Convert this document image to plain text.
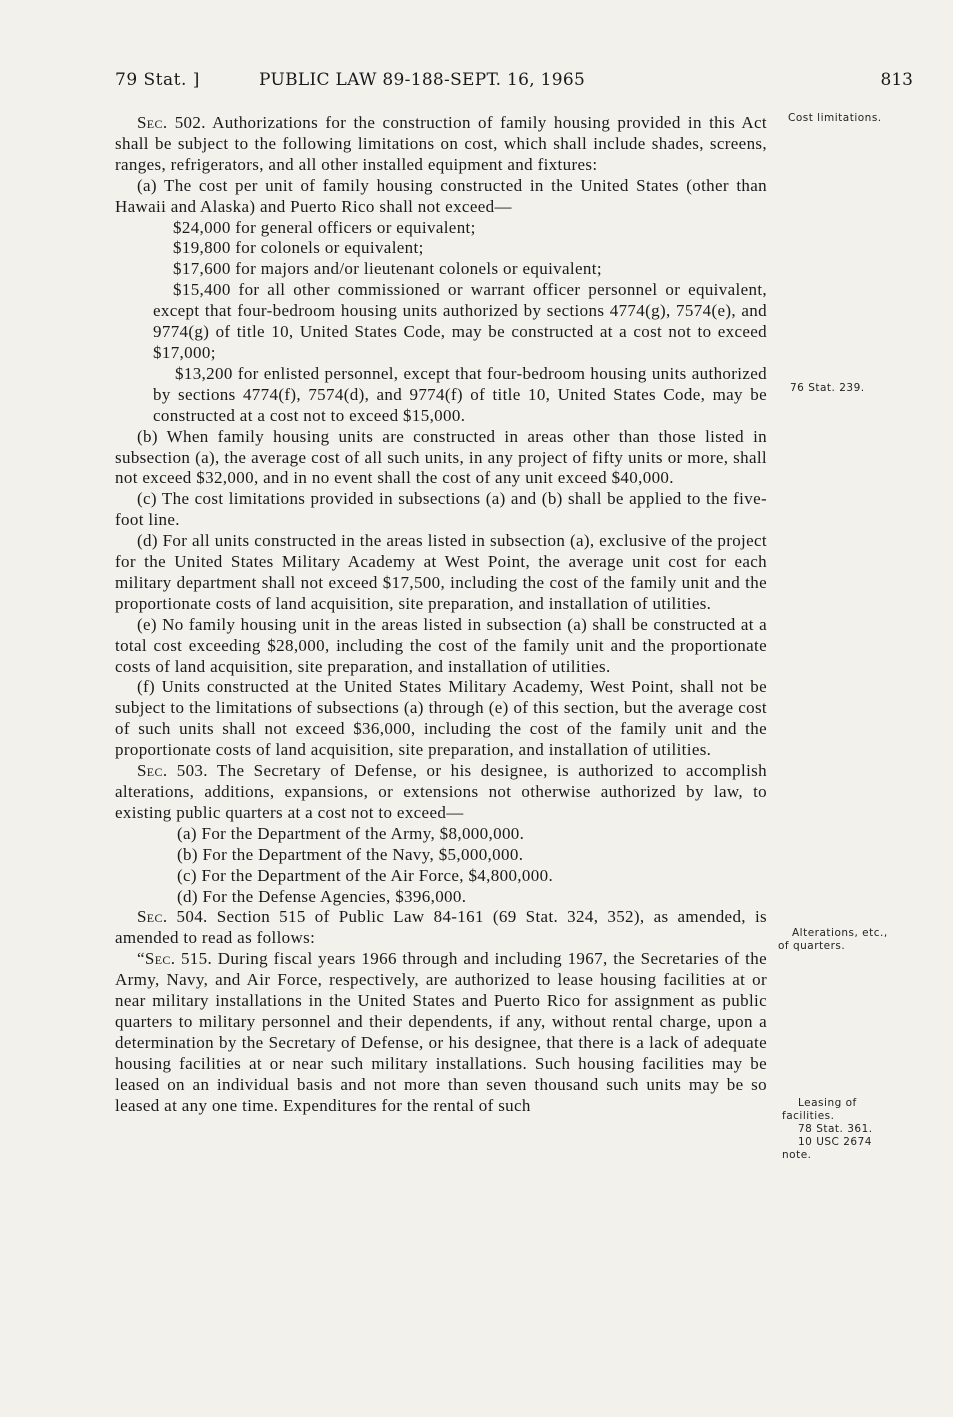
79 Stat. ]	PUBLIC LAW 89-188-SEPT. 16, 1965	813
Cost limitations.
76 Stat. 239.
Alterations, etc.,
of quarters.
Leasing of
facilities.
78 Stat. 361.
10 USC 2674
note.

Sec. 502. Authorizations for the construction of family housing provided in this Act shall be subject to the following limitations on cost, which shall include shades, screens, ranges, refrigerators, and all other installed equipment and fixtures:

(a) The cost per unit of family housing constructed in the United States (other than Hawaii and Alaska) and Puerto Rico shall not exceed—

$24,000 for general officers or equivalent;

$19,800 for colonels or equivalent;

$17,600 for majors and/or lieutenant colonels or equivalent;

$15,400 for all other commissioned or warrant officer personnel or equivalent, except that four-bedroom housing units authorized by sections 4774(g), 7574(e), and 9774(g) of title 10, United States Code, may be constructed at a cost not to exceed $17,000;

$13,200 for enlisted personnel, except that four-bedroom housing units authorized by sections 4774(f), 7574(d), and 9774(f) of title 10, United States Code, may be constructed at a cost not to exceed $15,000.

(b) When family housing units are constructed in areas other than those listed in subsection (a), the average cost of all such units, in any project of fifty units or more, shall not exceed $32,000, and in no event shall the cost of any unit exceed $40,000.

(c) The cost limitations provided in subsections (a) and (b) shall be applied to the five-foot line.

(d) For all units constructed in the areas listed in subsection (a), exclusive of the project for the United States Military Academy at West Point, the average unit cost for each military department shall not exceed $17,500, including the cost of the family unit and the proportionate costs of land acquisition, site preparation, and installation of utilities.

(e) No family housing unit in the areas listed in subsection (a) shall be constructed at a total cost exceeding $28,000, including the cost of the family unit and the proportionate costs of land acquisition, site preparation, and installation of utilities.

(f) Units constructed at the United States Military Academy, West Point, shall not be subject to the limitations of subsections (a) through (e) of this section, but the average cost of such units shall not exceed $36,000, including the cost of the family unit and the proportionate costs of land acquisition, site preparation, and installation of utilities.

Sec. 503. The Secretary of Defense, or his designee, is authorized to accomplish alterations, additions, expansions, or extensions not otherwise authorized by law, to existing public quarters at a cost not to exceed—

(a) For the Department of the Army, $8,000,000.

(b) For the Department of the Navy, $5,000,000.

(c) For the Department of the Air Force, $4,800,000.

(d) For the Defense Agencies, $396,000.

Sec. 504. Section 515 of Public Law 84-161 (69 Stat. 324, 352), as amended, is amended to read as follows:

“Sec. 515. During fiscal years 1966 through and including 1967, the Secretaries of the Army, Navy, and Air Force, respectively, are authorized to lease housing facilities at or near military installations in the United States and Puerto Rico for assignment as public quarters to military personnel and their dependents, if any, without rental charge, upon a determination by the Secretary of Defense, or his designee, that there is a lack of adequate housing facilities at or near such military installations. Such housing facilities may be leased on an individual basis and not more than seven thousand such units may be so leased at any one time. Expenditures for the rental of such
